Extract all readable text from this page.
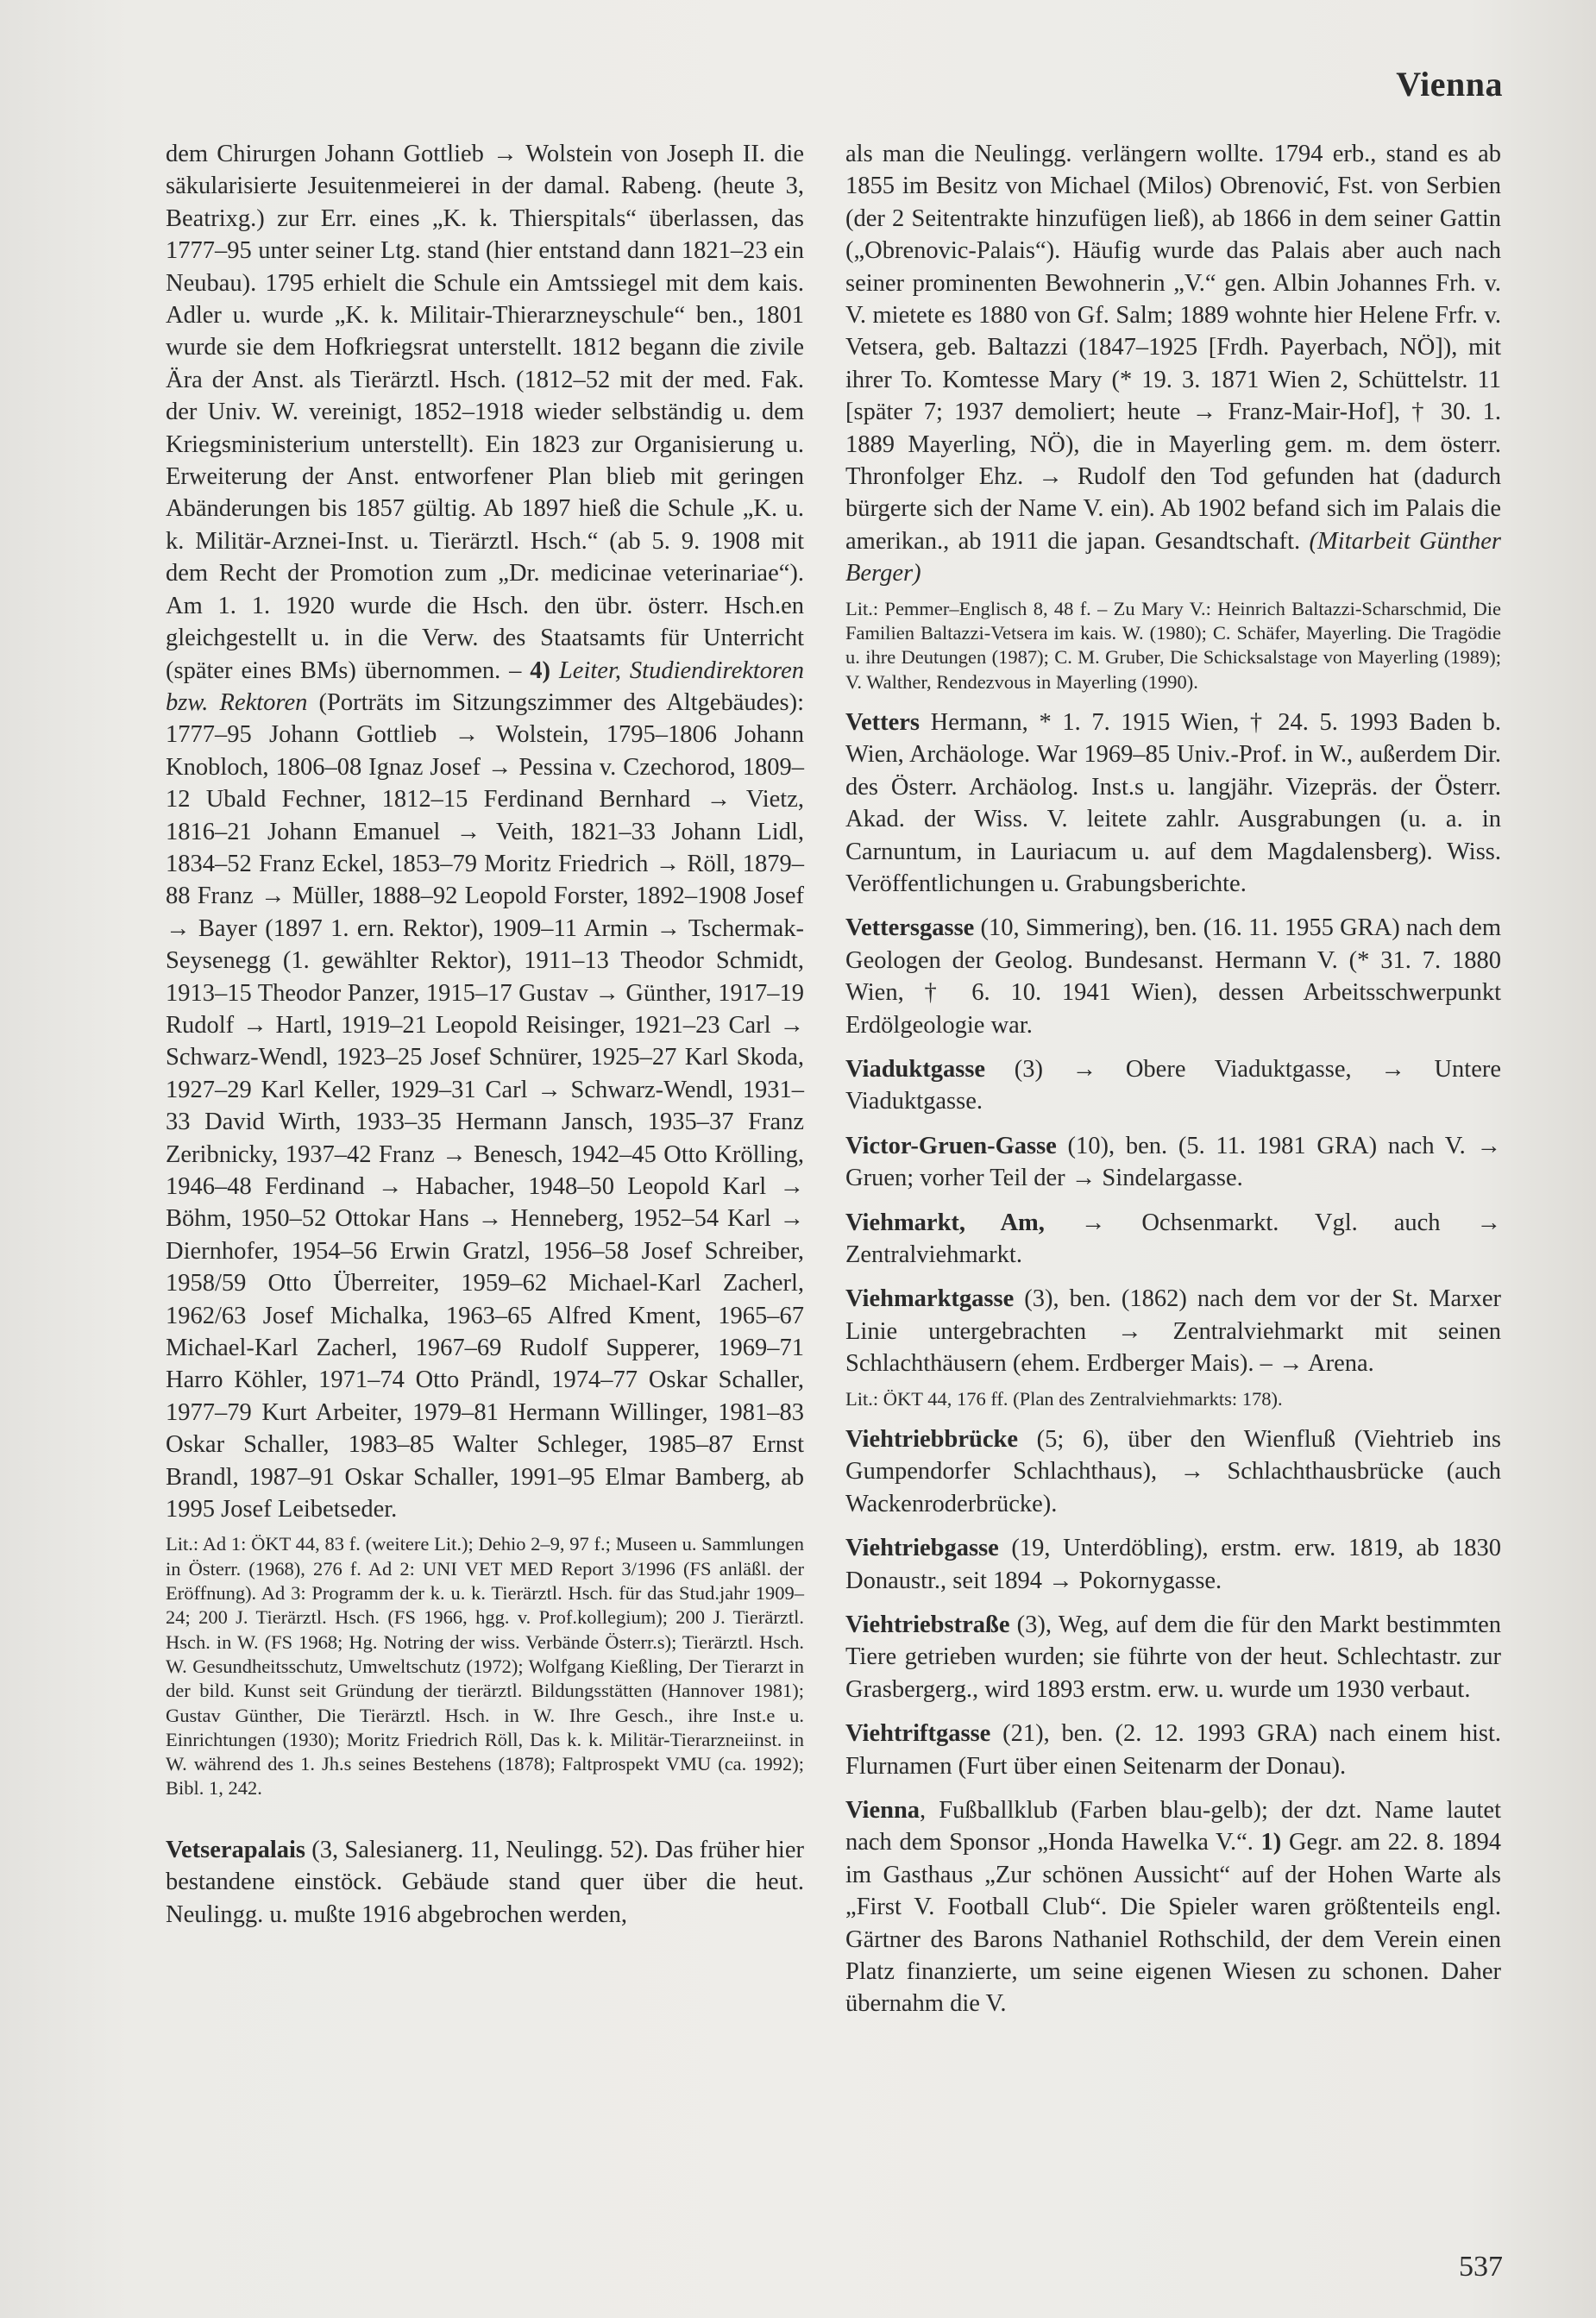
Vienna

dem Chirurgen Johann Gottlieb → Wolstein von Joseph II. die säkularisierte Jesuitenmeierei in der damal. Rabeng. (heute 3, Beatrixg.) zur Err. eines „K. k. Thierspitals“ überlassen, das 1777–95 unter seiner Ltg. stand (hier entstand dann 1821–23 ein Neubau). 1795 erhielt die Schule ein Amtssiegel mit dem kais. Adler u. wurde „K. k. Militair-Thierarzneyschule“ ben., 1801 wurde sie dem Hofkriegsrat unterstellt. 1812 begann die zivile Ära der Anst. als Tierärztl. Hsch. (1812–52 mit der med. Fak. der Univ. W. vereinigt, 1852–1918 wieder selbständig u. dem Kriegsministerium unterstellt). Ein 1823 zur Organisierung u. Erweiterung der Anst. entworfener Plan blieb mit geringen Abänderungen bis 1857 gültig. Ab 1897 hieß die Schule „K. u. k. Militär-Arznei-Inst. u. Tierärztl. Hsch.“ (ab 5. 9. 1908 mit dem Recht der Promotion zum „Dr. medicinae veterinariae“). Am 1. 1. 1920 wurde die Hsch. den übr. österr. Hsch.en gleichgestellt u. in die Verw. des Staatsamts für Unterricht (später eines BMs) übernommen. – 4) Leiter, Studiendirektoren bzw. Rektoren (Porträts im Sitzungszimmer des Altgebäudes): 1777–95 Johann Gottlieb → Wolstein, 1795–1806 Johann Knobloch, 1806–08 Ignaz Josef → Pessina v. Czechorod, 1809–12 Ubald Fechner, 1812–15 Ferdinand Bernhard → Vietz, 1816–21 Johann Emanuel → Veith, 1821–33 Johann Lidl, 1834–52 Franz Eckel, 1853–79 Moritz Friedrich → Röll, 1879–88 Franz → Müller, 1888–92 Leopold Forster, 1892–1908 Josef → Bayer (1897 1. ern. Rektor), 1909–11 Armin → Tschermak-Seysenegg (1. gewählter Rektor), 1911–13 Theodor Schmidt, 1913–15 Theodor Panzer, 1915–17 Gustav → Günther, 1917–19 Rudolf → Hartl, 1919–21 Leopold Reisinger, 1921–23 Carl → Schwarz-Wendl, 1923–25 Josef Schnürer, 1925–27 Karl Skoda, 1927–29 Karl Keller, 1929–31 Carl → Schwarz-Wendl, 1931–33 David Wirth, 1933–35 Hermann Jansch, 1935–37 Franz Zeribnicky, 1937–42 Franz → Benesch, 1942–45 Otto Krölling, 1946–48 Ferdinand → Habacher, 1948–50 Leopold Karl → Böhm, 1950–52 Ottokar Hans → Henneberg, 1952–54 Karl → Diernhofer, 1954–56 Erwin Gratzl, 1956–58 Josef Schreiber, 1958/59 Otto Überreiter, 1959–62 Michael-Karl Zacherl, 1962/63 Josef Michalka, 1963–65 Alfred Kment, 1965–67 Michael-Karl Zacherl, 1967–69 Rudolf Supperer, 1969–71 Harro Köhler, 1971–74 Otto Prändl, 1974–77 Oskar Schaller, 1977–79 Kurt Arbeiter, 1979–81 Hermann Willinger, 1981–83 Oskar Schaller, 1983–85 Walter Schleger, 1985–87 Ernst Brandl, 1987–91 Oskar Schaller, 1991–95 Elmar Bamberg, ab 1995 Josef Leibetseder.

Lit.: Ad 1: ÖKT 44, 83 f. (weitere Lit.); Dehio 2–9, 97 f.; Museen u. Sammlungen in Österr. (1968), 276 f. Ad 2: UNI VET MED Report 3/1996 (FS anläßl. der Eröffnung). Ad 3: Programm der k. u. k. Tierärztl. Hsch. für das Stud.jahr 1909–24; 200 J. Tierärztl. Hsch. (FS 1966, hgg. v. Prof.kollegium); 200 J. Tierärztl. Hsch. in W. (FS 1968; Hg. Notring der wiss. Verbände Österr.s); Tierärztl. Hsch. W. Gesundheitsschutz, Umweltschutz (1972); Wolfgang Kießling, Der Tierarzt in der bild. Kunst seit Gründung der tierärztl. Bildungsstätten (Hannover 1981); Gustav Günther, Die Tierärztl. Hsch. in W. Ihre Gesch., ihre Inst.e u. Einrichtungen (1930); Moritz Friedrich Röll, Das k. k. Militär-Tierarzneiinst. in W. während des 1. Jh.s seines Bestehens (1878); Faltprospekt VMU (ca. 1992); Bibl. 1, 242.

Vetserapalais (3, Salesianerg. 11, Neulingg. 52). Das früher hier bestandene einstöck. Gebäude stand quer über die heut. Neulingg. u. mußte 1916 abgebrochen werden,

als man die Neulingg. verlängern wollte. 1794 erb., stand es ab 1855 im Besitz von Michael (Milos) Obrenović, Fst. von Serbien (der 2 Seitentrakte hinzufügen ließ), ab 1866 in dem seiner Gattin („Obrenovic-Palais“). Häufig wurde das Palais aber auch nach seiner prominenten Bewohnerin „V.“ gen. Albin Johannes Frh. v. V. mietete es 1880 von Gf. Salm; 1889 wohnte hier Helene Frfr. v. Vetsera, geb. Baltazzi (1847–1925 [Frdh. Payerbach, NÖ]), mit ihrer To. Komtesse Mary (* 19. 3. 1871 Wien 2, Schüttelstr. 11 [später 7; 1937 demoliert; heute → Franz-Mair-Hof], † 30. 1. 1889 Mayerling, NÖ), die in Mayerling gem. m. dem österr. Thronfolger Ehz. → Rudolf den Tod gefunden hat (dadurch bürgerte sich der Name V. ein). Ab 1902 befand sich im Palais die amerikan., ab 1911 die japan. Gesandtschaft. (Mitarbeit Günther Berger)

Lit.: Pemmer–Englisch 8, 48 f. – Zu Mary V.: Heinrich Baltazzi-Scharschmid, Die Familien Baltazzi-Vetsera im kais. W. (1980); C. Schäfer, Mayerling. Die Tragödie u. ihre Deutungen (1987); C. M. Gruber, Die Schicksalstage von Mayerling (1989); V. Walther, Rendezvous in Mayerling (1990).

Vetters Hermann, * 1. 7. 1915 Wien, † 24. 5. 1993 Baden b. Wien, Archäologe. War 1969–85 Univ.-Prof. in W., außerdem Dir. des Österr. Archäolog. Inst.s u. langjähr. Vizepräs. der Österr. Akad. der Wiss. V. leitete zahlr. Ausgrabungen (u. a. in Carnuntum, in Lauriacum u. auf dem Magdalensberg). Wiss. Veröffentlichungen u. Grabungsberichte.

Vettersgasse (10, Simmering), ben. (16. 11. 1955 GRA) nach dem Geologen der Geolog. Bundesanst. Hermann V. (* 31. 7. 1880 Wien, † 6. 10. 1941 Wien), dessen Arbeitsschwerpunkt Erdölgeologie war.

Viaduktgasse (3) → Obere Viaduktgasse, → Untere Viaduktgasse.

Victor-Gruen-Gasse (10), ben. (5. 11. 1981 GRA) nach V. → Gruen; vorher Teil der → Sindelargasse.

Viehmarkt, Am, → Ochsenmarkt. Vgl. auch → Zentralviehmarkt.

Viehmarktgasse (3), ben. (1862) nach dem vor der St. Marxer Linie untergebrachten → Zentralviehmarkt mit seinen Schlachthäusern (ehem. Erdberger Mais). – → Arena.

Lit.: ÖKT 44, 176 ff. (Plan des Zentralviehmarkts: 178).

Viehtriebbrücke (5; 6), über den Wienfluß (Viehtrieb ins Gumpendorfer Schlachthaus), → Schlachthausbrücke (auch Wackenroderbrücke).

Viehtriebgasse (19, Unterdöbling), erstm. erw. 1819, ab 1830 Donaustr., seit 1894 → Pokornygasse.

Viehtriebstraße (3), Weg, auf dem die für den Markt bestimmten Tiere getrieben wurden; sie führte von der heut. Schlechtastr. zur Grasbergerg., wird 1893 erstm. erw. u. wurde um 1930 verbaut.

Viehtriftgasse (21), ben. (2. 12. 1993 GRA) nach einem hist. Flurnamen (Furt über einen Seitenarm der Donau).

Vienna, Fußballklub (Farben blau-gelb); der dzt. Name lautet nach dem Sponsor „Honda Hawelka V.“. 1) Gegr. am 22. 8. 1894 im Gasthaus „Zur schönen Aussicht“ auf der Hohen Warte als „First V. Football Club“. Die Spieler waren größtenteils engl. Gärtner des Barons Nathaniel Rothschild, der dem Verein einen Platz finanzierte, um seine eigenen Wiesen zu schonen. Daher übernahm die V.

537
